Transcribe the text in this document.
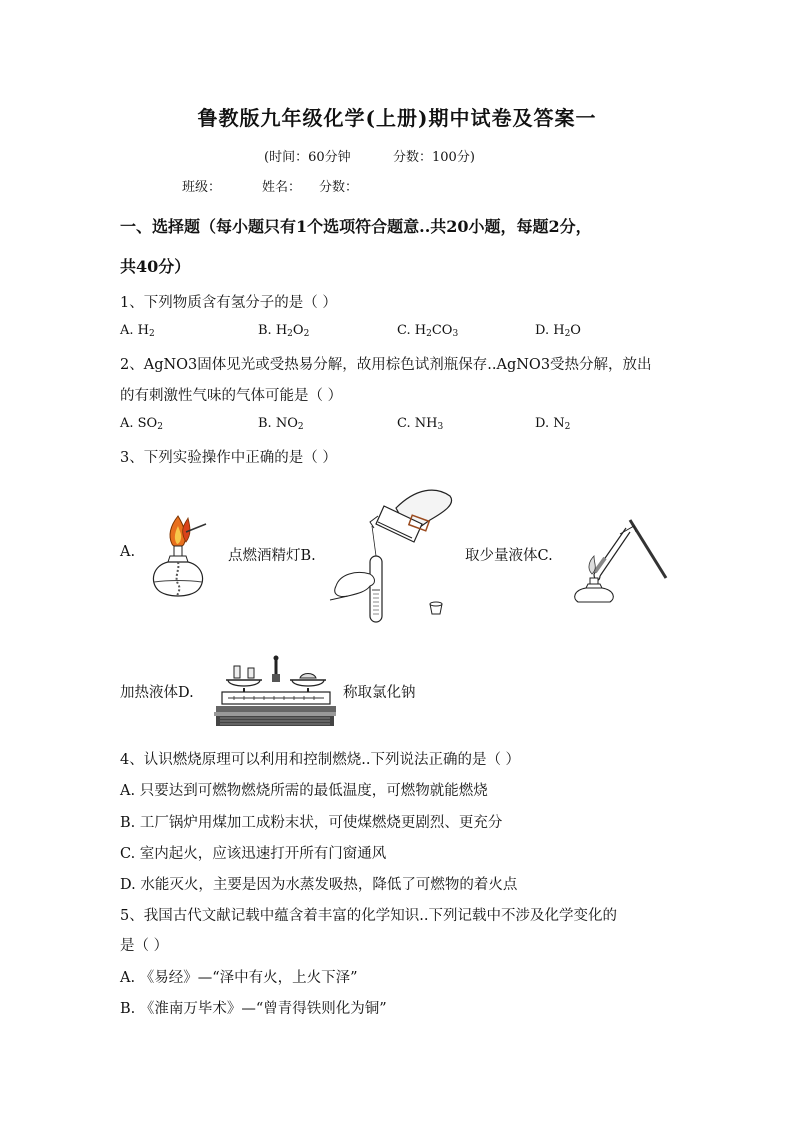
鲁教版九年级化学(上册)期中试卷及答案一
(时间：60分钟	分数：100分)
班级：	姓名： 分数：
一、选择题（每小题只有1个选项符合题意..共20小题，每题2分，
共40分）
1、下列物质含有氢分子的是（ ）
A. $H_2$	B. $H_2O_2$	C. $H_2CO_3$	D. $H_2O$
2、AgNO3固体见光或受热易分解，故用棕色试剂瓶保存..AgNO3受热分解，放出
的有刺激性气味的气体可能是（ ）
A. $SO_2$	B. $NO_2$	C. $NH_3$	D. $N_2$
3、下列实验操作中正确的是（ ）
A.	点燃酒精灯B.	取少量液体C.
加热液体D.	称取氯化钠
4、认识燃烧原理可以利用和控制燃烧..下列说法正确的是（ ）
A. 只要达到可燃物燃烧所需的最低温度，可燃物就能燃烧
B. 工厂锅炉用煤加工成粉末状，可使煤燃烧更剧烈、更充分
C. 室内起火，应该迅速打开所有门窗通风
D. 水能灭火，主要是因为水蒸发吸热，降低了可燃物的着火点
5、我国古代文献记载中蕴含着丰富的化学知识..下列记载中不涉及化学变化的
是（ ）
A. 《易经》—“泽中有火，上火下泽”
B. 《淮南万毕术》—“曾青得铁则化为铜”
